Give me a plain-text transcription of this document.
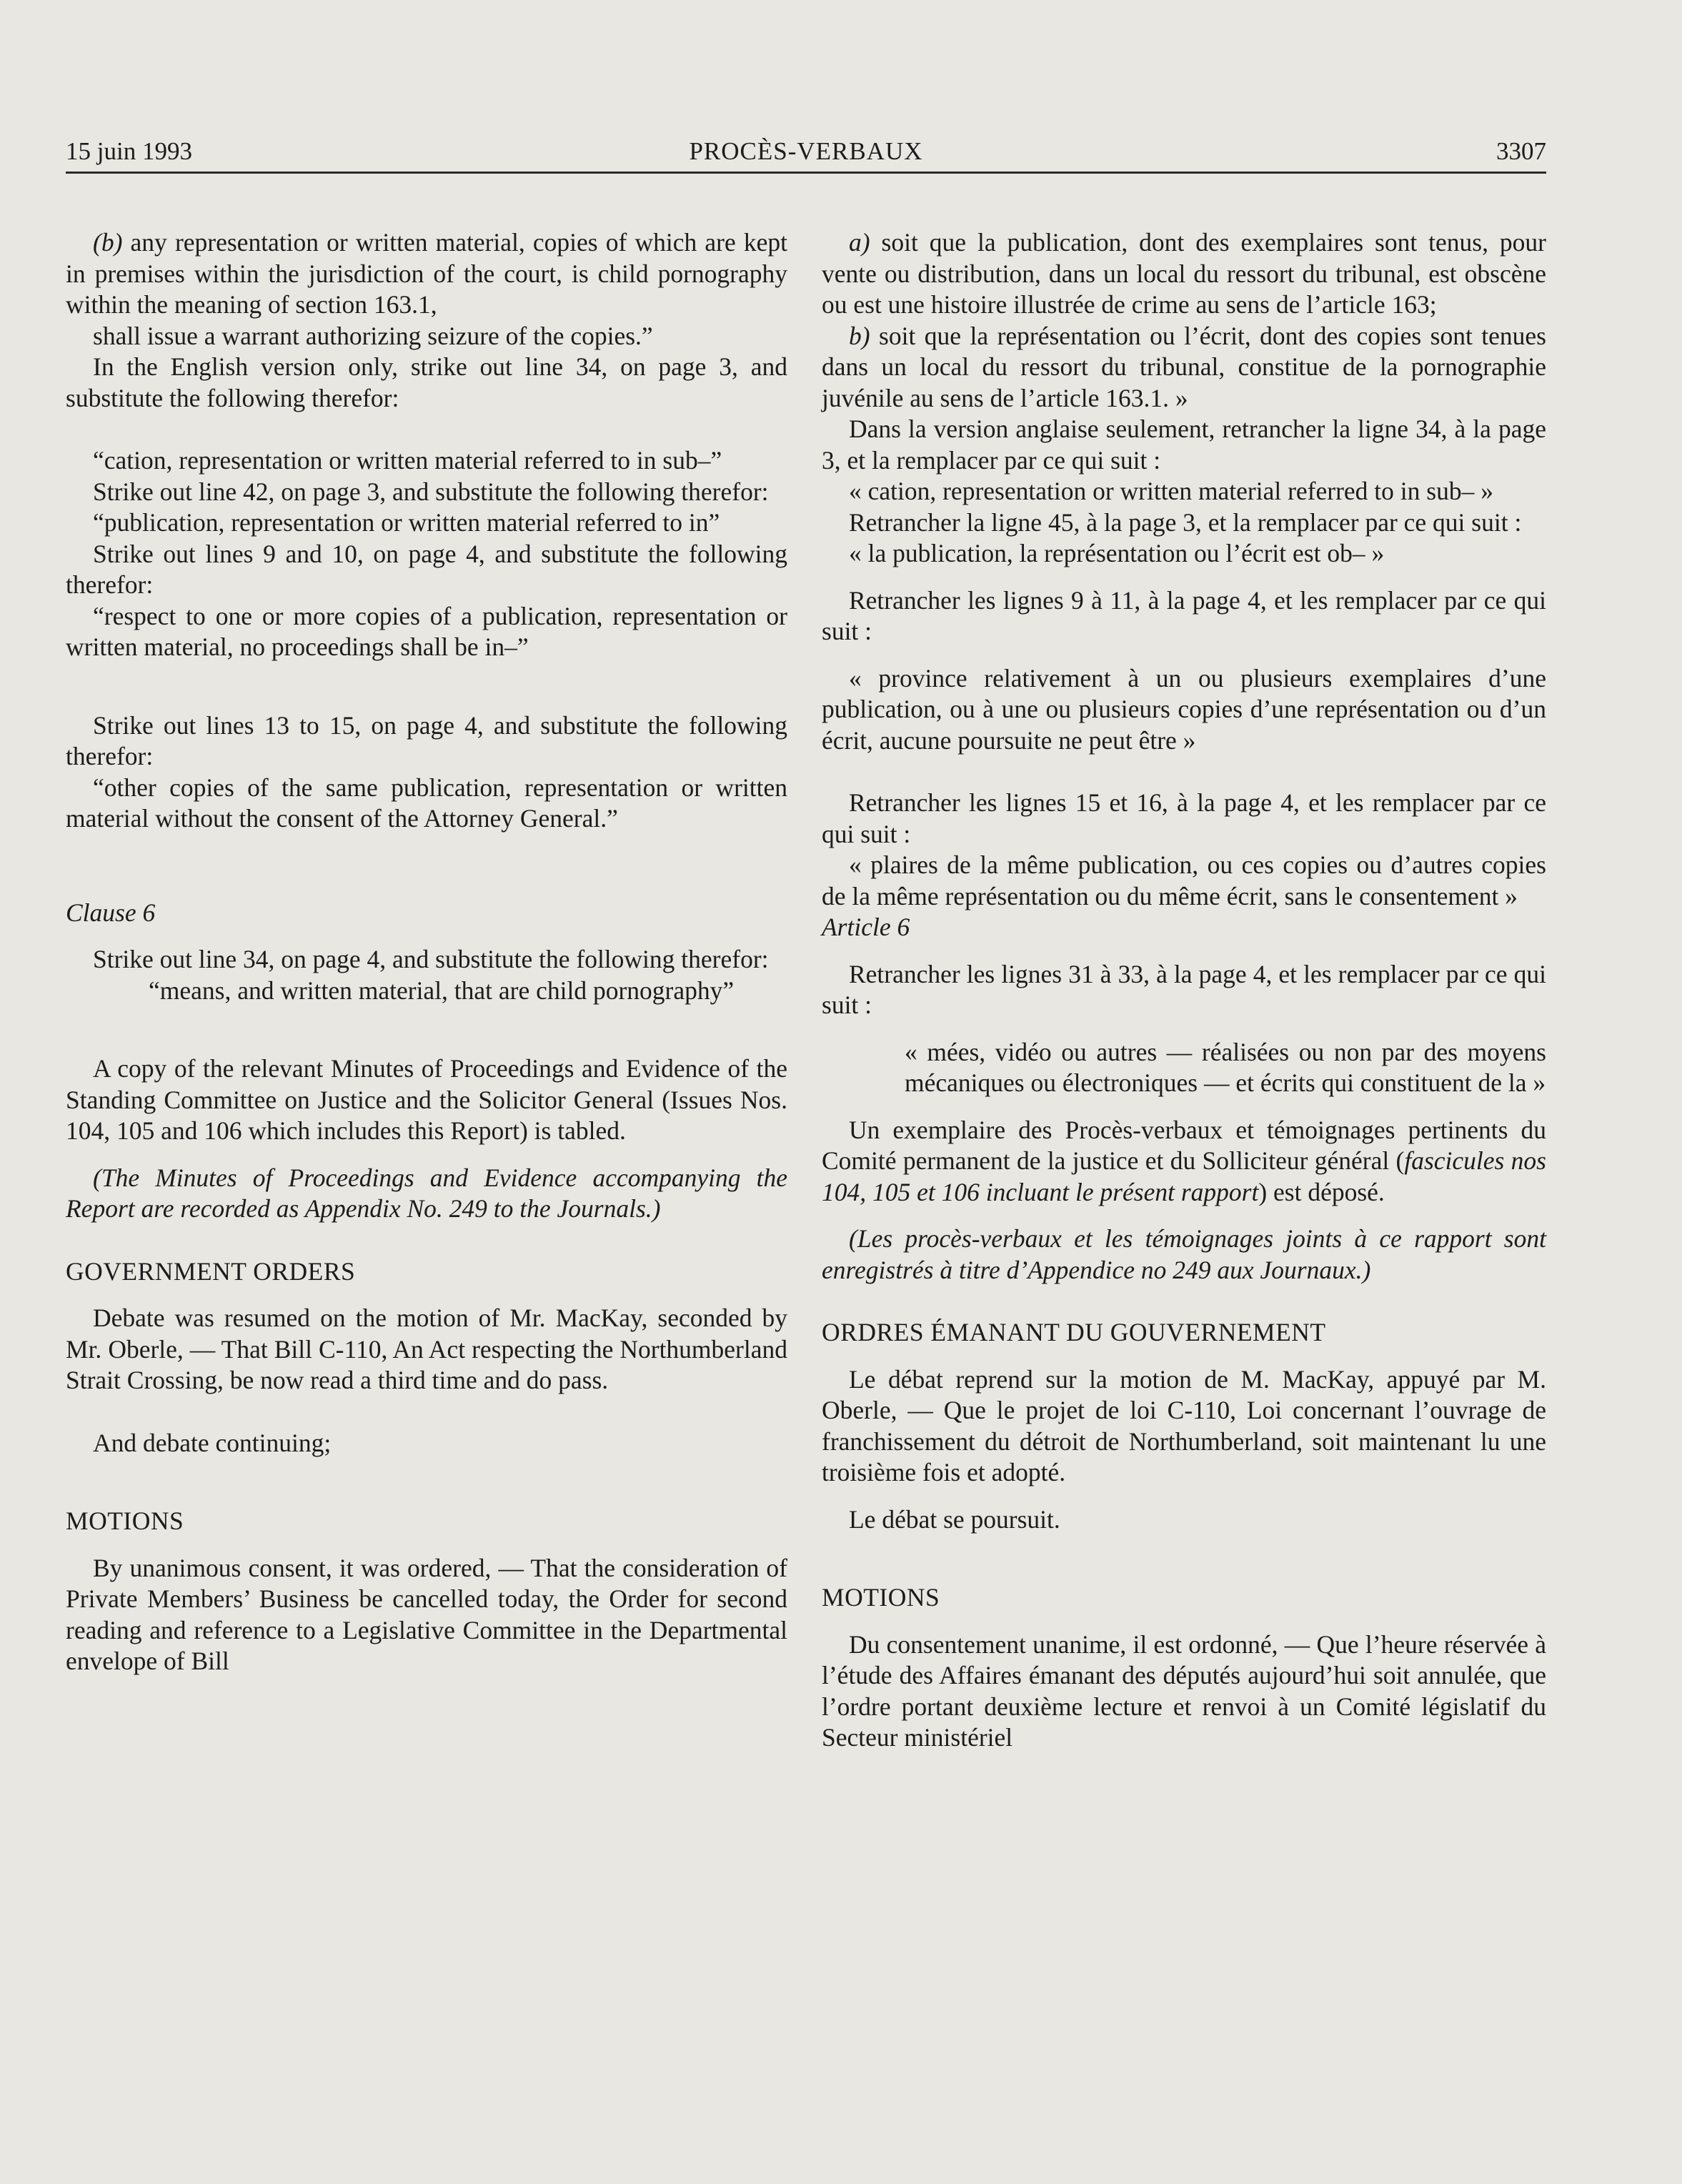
15 juin 1993	PROCÈS-VERBAUX	3307

(b) any representation or written material, copies of which are kept in premises within the jurisdiction of the court, is child pornography within the meaning of section 163.1,

shall issue a warrant authorizing seizure of the copies.”

In the English version only, strike out line 34, on page 3, and substitute the following therefor:

“cation, representation or written material referred to in sub–”

Strike out line 42, on page 3, and substitute the following therefor:

“publication, representation or written material referred to in”

Strike out lines 9 and 10, on page 4, and substitute the following therefor:

“respect to one or more copies of a publication, representation or written material, no proceedings shall be in–”

Strike out lines 13 to 15, on page 4, and substitute the following therefor:

“other copies of the same publication, representation or written material without the consent of the Attorney General.”

Clause 6

Strike out line 34, on page 4, and substitute the following therefor:

“means, and written material, that are child pornography”

A copy of the relevant Minutes of Proceedings and Evidence of the Standing Committee on Justice and the Solicitor General (Issues Nos. 104, 105 and 106 which includes this Report) is tabled.

(The Minutes of Proceedings and Evidence accompanying the Report are recorded as Appendix No. 249 to the Journals.)

GOVERNMENT ORDERS

Debate was resumed on the motion of Mr. MacKay, seconded by Mr. Oberle, — That Bill C-110, An Act respecting the Northumberland Strait Crossing, be now read a third time and do pass.

And debate continuing;

MOTIONS

By unanimous consent, it was ordered, — That the consideration of Private Members’ Business be cancelled today, the Order for second reading and reference to a Legislative Committee in the Departmental envelope of Bill

a) soit que la publication, dont des exemplaires sont tenus, pour vente ou distribution, dans un local du ressort du tribunal, est obscène ou est une histoire illustrée de crime au sens de l’article 163;

b) soit que la représentation ou l’écrit, dont des copies sont tenues dans un local du ressort du tribunal, constitue de la pornographie juvénile au sens de l’article 163.1. »

Dans la version anglaise seulement, retrancher la ligne 34, à la page 3, et la remplacer par ce qui suit :

« cation, representation or written material referred to in sub– »

Retrancher la ligne 45, à la page 3, et la remplacer par ce qui suit :

« la publication, la représentation ou l’écrit est ob– »

Retrancher les lignes 9 à 11, à la page 4, et les remplacer par ce qui suit :

« province relativement à un ou plusieurs exemplaires d’une publication, ou à une ou plusieurs copies d’une représentation ou d’un écrit, aucune poursuite ne peut être »

Retrancher les lignes 15 et 16, à la page 4, et les remplacer par ce qui suit :

« plaires de la même publication, ou ces copies ou d’autres copies de la même représentation ou du même écrit, sans le consentement »

Article 6

Retrancher les lignes 31 à 33, à la page 4, et les remplacer par ce qui suit :

« mées, vidéo ou autres — réalisées ou non par des moyens mécaniques ou électroniques — et écrits qui constituent de la »

Un exemplaire des Procès-verbaux et témoignages pertinents du Comité permanent de la justice et du Solliciteur général (fascicules nos 104, 105 et 106 incluant le présent rapport) est déposé.

(Les procès-verbaux et les témoignages joints à ce rapport sont enregistrés à titre d’Appendice no 249 aux Journaux.)

ORDRES ÉMANANT DU GOUVERNEMENT

Le débat reprend sur la motion de M. MacKay, appuyé par M. Oberle, — Que le projet de loi C-110, Loi concernant l’ouvrage de franchissement du détroit de Northumberland, soit maintenant lu une troisième fois et adopté.

Le débat se poursuit.

MOTIONS

Du consentement unanime, il est ordonné, — Que l’heure réservée à l’étude des Affaires émanant des députés aujourd’hui soit annulée, que l’ordre portant deuxième lecture et renvoi à un Comité législatif du Secteur ministériel
